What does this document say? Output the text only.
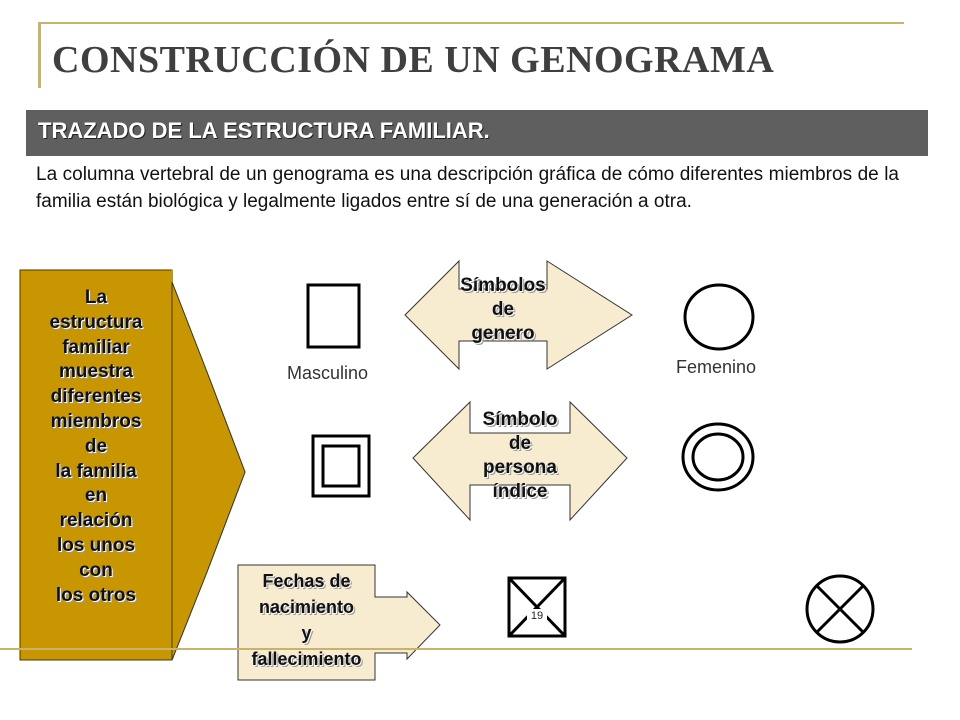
CONSTRUCCIÓN DE UN GENOGRAMA
TRAZADO DE LA ESTRUCTURA FAMILIAR.
La columna vertebral de un genograma es una descripción gráfica de cómo diferentes miembros de la familia están biológica y legalmente ligados entre sí de una generación a otra.
19
La
estructura
familiar
muestra
diferentes
miembros
de
la familia
en
relación
los unos
con
los otros
Símbolos
de
genero
Símbolo
de
persona
índice
Fechas de
nacimiento
y
fallecimiento
Masculino	Femenino
